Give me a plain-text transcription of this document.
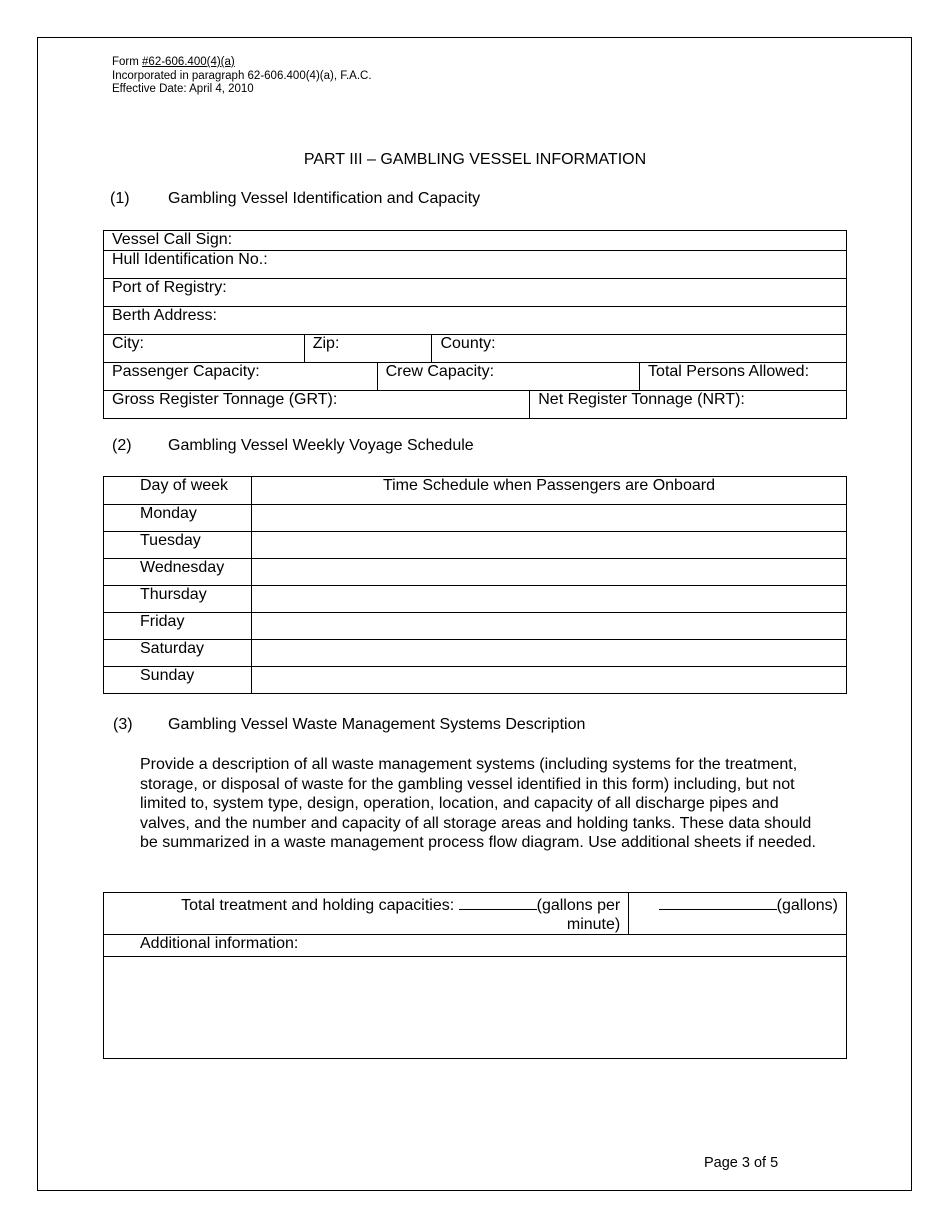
Form #62-606.400(4)(a)
Incorporated in paragraph 62-606.400(4)(a), F.A.C.
Effective Date: April 4, 2010
PART III – GAMBLING VESSEL INFORMATION
(1) Gambling Vessel Identification and Capacity
Vessel Call Sign:					
Hull Identification No.:					
Port of Registry:					
Berth Address:					
City:	Zip:		County:		
Passenger Capacity:		Crew Capacity:			Total Persons Allowed:
Gross Register Tonnage (GRT):				Net Register Tonnage (NRT):	
(2) Gambling Vessel Weekly Voyage Schedule
Day of week	Time Schedule when Passengers are Onboard
Monday	
Tuesday	
Wednesday	
Thursday	
Friday	
Saturday	
Sunday	
(3) Gambling Vessel Waste Management Systems Description
Provide a description of all waste management systems (including systems for the treatment, storage, or disposal of waste for the gambling vessel identified in this form) including, but not limited to, system type, design, operation, location, and capacity of all discharge pipes and valves, and the number and capacity of all storage areas and holding tanks. These data should be summarized in a waste management process flow diagram. Use additional sheets if needed.
Total treatment and holding capacities:	(gallons per
minute)
	(gallons)
Additional information:

Page 3 of 5
